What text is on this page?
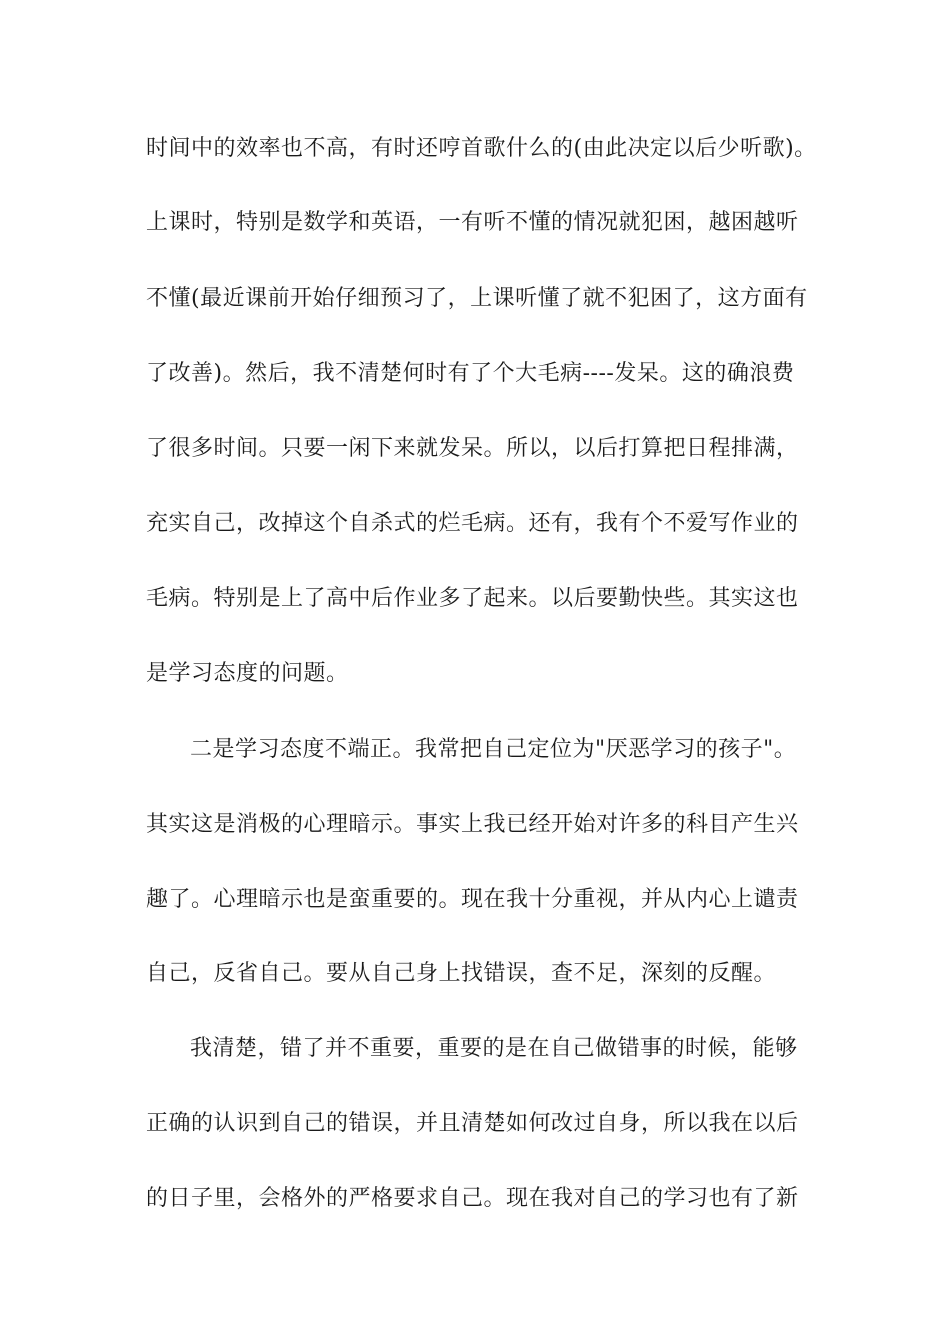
时间中的效率也不高，有时还哼首歌什么的(由此决定以后少听歌)。
上课时，特别是数学和英语，一有听不懂的情况就犯困，越困越听
不懂(最近课前开始仔细预习了，上课听懂了就不犯困了，这方面有
了改善)。然后，我不清楚何时有了个大毛病----发呆。这的确浪费
了很多时间。只要一闲下来就发呆。所以，以后打算把日程排满，
充实自己，改掉这个自杀式的烂毛病。还有，我有个不爱写作业的
毛病。特别是上了高中后作业多了起来。以后要勤快些。其实这也
是学习态度的问题。
二是学习态度不端正。我常把自己定位为"厌恶学习的孩子"。
其实这是消极的心理暗示。事实上我已经开始对许多的科目产生兴
趣了。心理暗示也是蛮重要的。现在我十分重视，并从内心上谴责
自己，反省自己。要从自己身上找错误，查不足，深刻的反醒。
我清楚，错了并不重要，重要的是在自己做错事的时候，能够
正确的认识到自己的错误，并且清楚如何改过自身，所以我在以后
的日子里，会格外的严格要求自己。现在我对自己的学习也有了新
